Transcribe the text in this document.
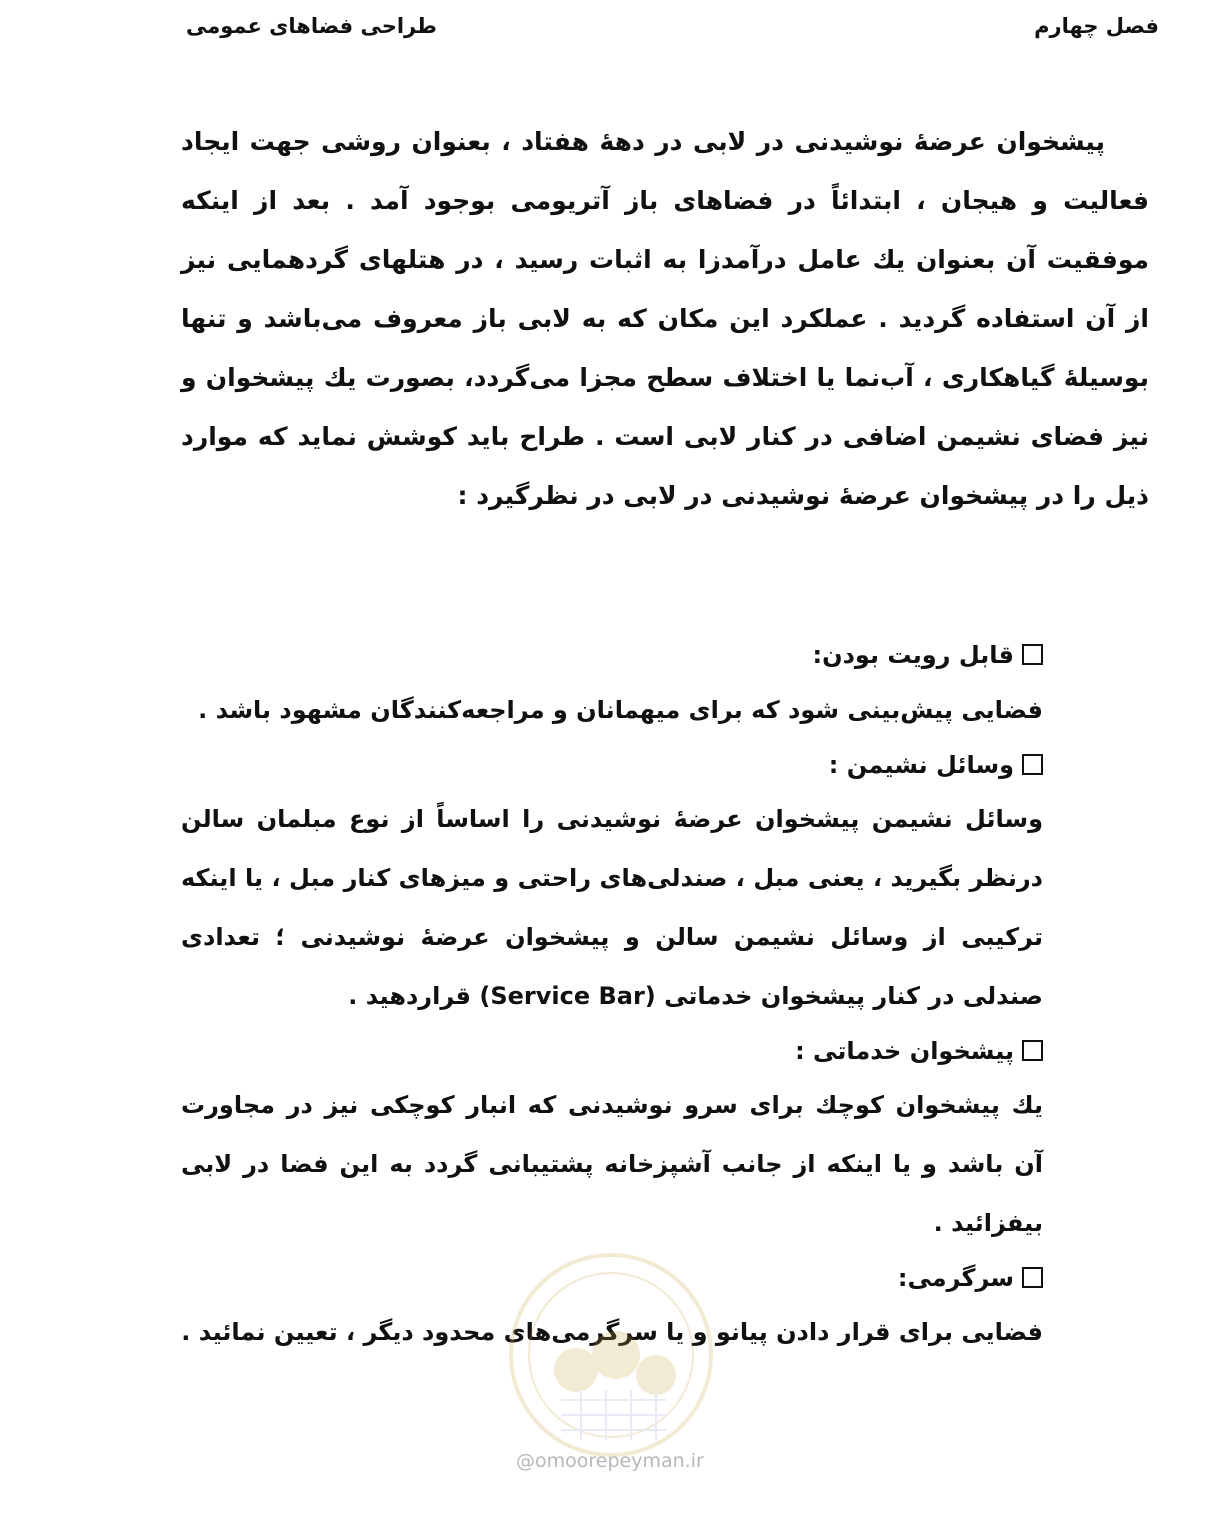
فصل چهارم
طراحی فضاهای عمومی

پیشخوان عرضهٔ نوشیدنی در لابی در دههٔ هفتاد ، بعنوان روشی جهت ایجاد فعالیت و هیجان ، ابتدائاً در فضاهای باز آتریومی بوجود آمد . بعد از اینکه موفقیت آن بعنوان یك عامل درآمدزا به اثبات رسید ، در هتلهای گردهمایی نیز از آن استفاده گردید . عملکرد این مکان که به لابی باز معروف می‌باشد و تنها بوسیلهٔ گیاهکاری ، آب‌نما یا اختلاف سطح مجزا می‌گردد، بصورت یك پیشخوان و نیز فضای نشیمن اضافی در کنار لابی است . طراح باید کوشش نماید که موارد ذیل را در پیشخوان عرضهٔ نوشیدنی در لابی در نظرگیرد :

قابل رویت بودن:

فضایی پیش‌بینی شود که برای میهمانان و مراجعه‌کنندگان مشهود باشد .

وسائل نشیمن :

وسائل نشیمن پیشخوان عرضهٔ نوشیدنی را اساساً از نوع مبلمان سالن درنظر بگیرید ، یعنی مبل ، صندلی‌های راحتی و میزهای کنار مبل ، یا اینکه ترکیبی از وسائل نشیمن سالن و پیشخوان عرضهٔ نوشیدنی ؛ تعدادی صندلی در کنار پیشخوان خدماتی (Service Bar) قراردهید .

پیشخوان خدماتی :

یك پیشخوان کوچك برای سرو نوشیدنی که انبار کوچکی نیز در مجاورت آن باشد و یا اینکه از جانب آشپزخانه پشتیبانی گردد به این فضا در لابی بیفزائید .

سرگرمی:

فضایی برای قرار دادن پیانو و یا سرگرمی‌های محدود دیگر ، تعیین نمائید .

@omoorepeyman.ir
